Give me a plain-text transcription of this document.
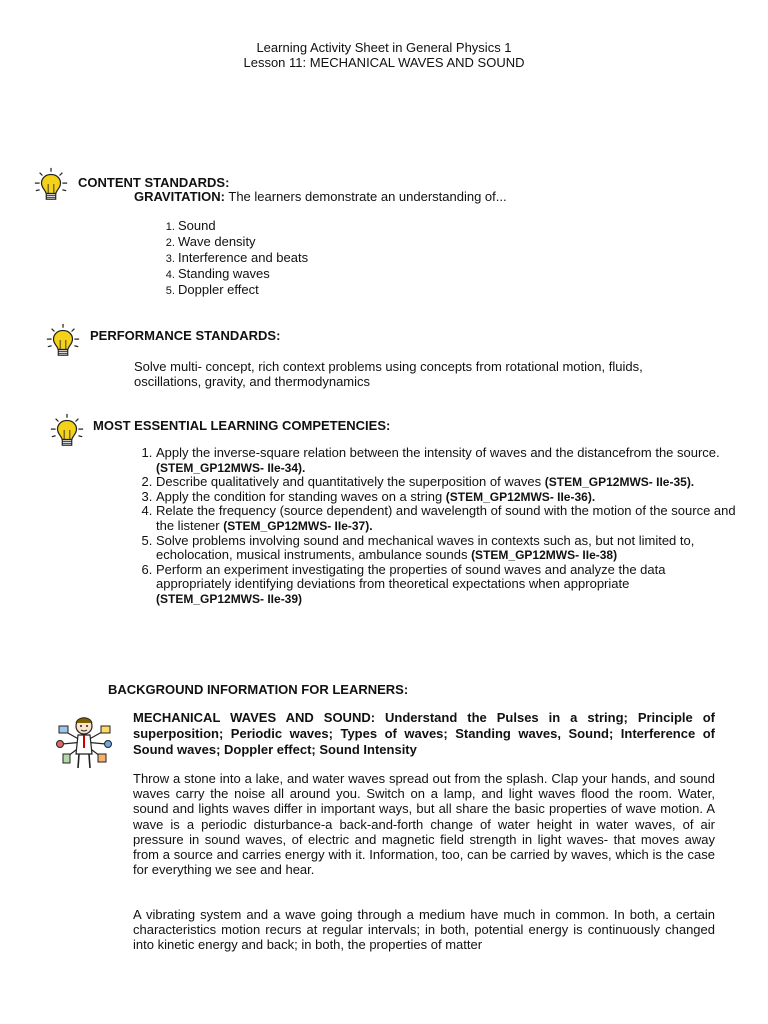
Learning Activity Sheet in General Physics 1
Lesson 11: MECHANICAL WAVES AND SOUND
CONTENT STANDARDS:
GRAVITATION: The learners demonstrate an understanding of...
1. Sound
2. Wave density
3. Interference and beats
4. Standing waves
5. Doppler effect
PERFORMANCE STANDARDS:
Solve multi- concept, rich context problems using concepts from rotational motion, fluids, oscillations, gravity, and thermodynamics
MOST ESSENTIAL LEARNING COMPETENCIES:
1. Apply the inverse-square relation between the intensity of waves and the distancefrom the source. (STEM_GP12MWS- IIe-34).
2. Describe qualitatively and quantitatively the superposition of waves (STEM_GP12MWS- IIe-35).
3. Apply the condition for standing waves on a string (STEM_GP12MWS- IIe-36).
4. Relate the frequency (source dependent) and wavelength of sound with the motion of the source and the listener (STEM_GP12MWS- IIe-37).
5. Solve problems involving sound and mechanical waves in contexts such as, but not limited to, echolocation, musical instruments, ambulance sounds (STEM_GP12MWS- IIe-38)
6. Perform an experiment investigating the properties of sound waves and analyze the data appropriately identifying deviations from theoretical expectations when appropriate (STEM_GP12MWS- IIe-39)
BACKGROUND INFORMATION FOR LEARNERS:
MECHANICAL WAVES AND SOUND: Understand the Pulses in a string; Principle of superposition; Periodic waves; Types of waves; Standing waves, Sound; Interference of Sound waves; Doppler effect; Sound Intensity
Throw a stone into a lake, and water waves spread out from the splash. Clap your hands, and sound waves carry the noise all around you. Switch on a lamp, and light waves flood the room. Water, sound and lights waves differ in important ways, but all share the basic properties of wave motion. A wave is a periodic disturbance-a back-and-forth change of water height in water waves, of air pressure in sound waves, of electric and magnetic field strength in light waves- that moves away from a source and carries energy with it. Information, too, can be carried by waves, which is the case for everything we see and hear.
A vibrating system and a wave going through a medium have much in common. In both, a certain characteristics motion recurs at regular intervals; in both, potential energy is continuously changed into kinetic energy and back; in both, the properties of matter
